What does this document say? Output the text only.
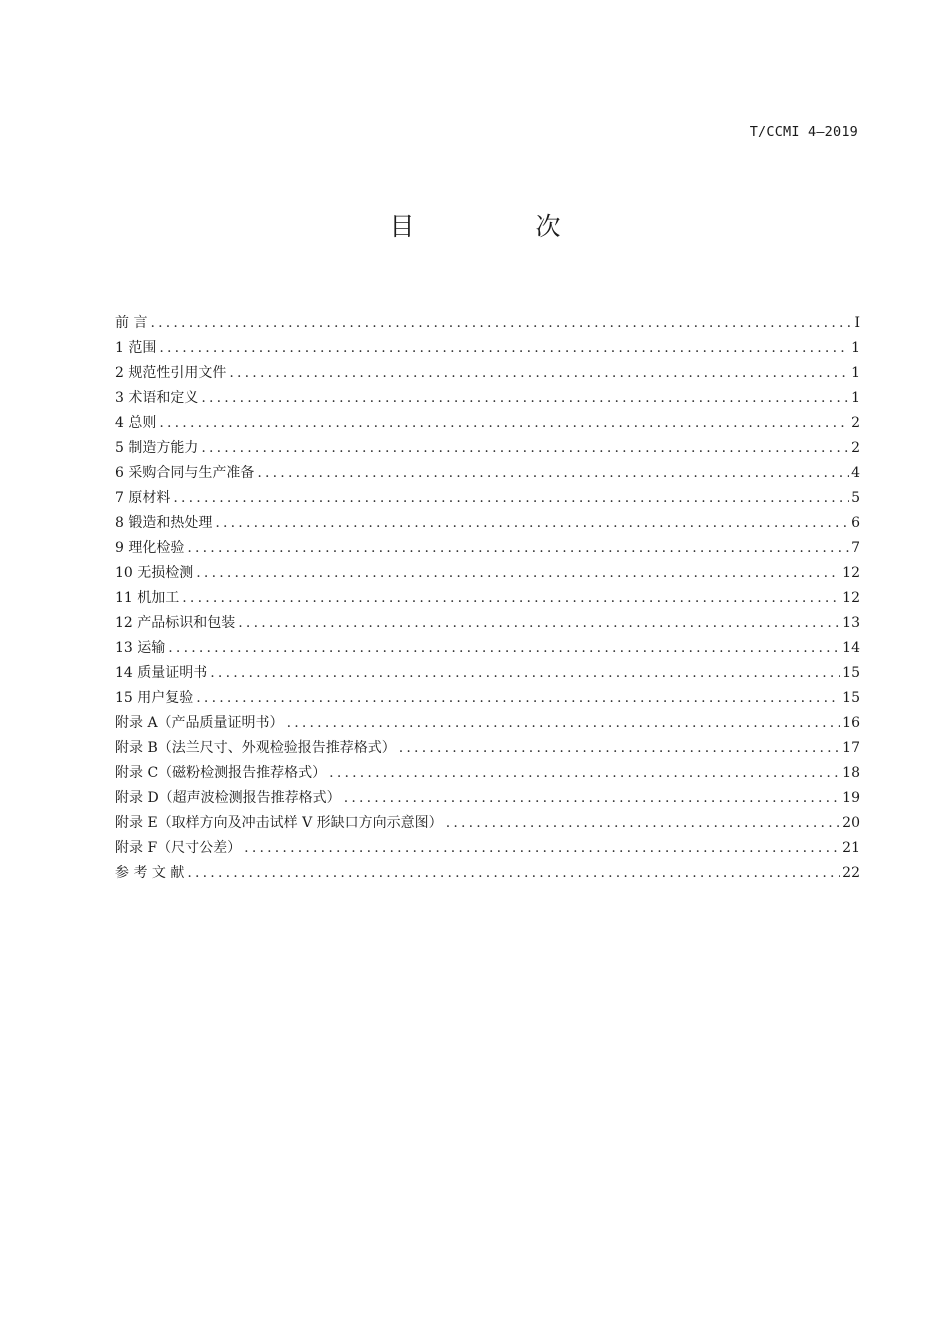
T/CCMI 4—2019
目　次
前 言 .....	I
1 范围 .....	1
2 规范性引用文件 .....	1
3 术语和定义 .....	1
4 总则 .....	2
5 制造方能力 .....	2
6 采购合同与生产准备 .....	4
7 原材料 .....	5
8 锻造和热处理 .....	6
9 理化检验 .....	7
10 无损检测 .....	12
11 机加工 .....	12
12 产品标识和包装 .....	13
13 运输 .....	14
14 质量证明书 .....	15
15 用户复验 .....	15
附录 A（产品质量证明书） .....	16
附录 B（法兰尺寸、外观检验报告推荐格式） .....	17
附录 C（磁粉检测报告推荐格式） .....	18
附录 D（超声波检测报告推荐格式） .....	19
附录 E（取样方向及冲击试样 V 形缺口方向示意图） .....	20
附录 F（尺寸公差） .....	21
参 考 文 献 .....	22
